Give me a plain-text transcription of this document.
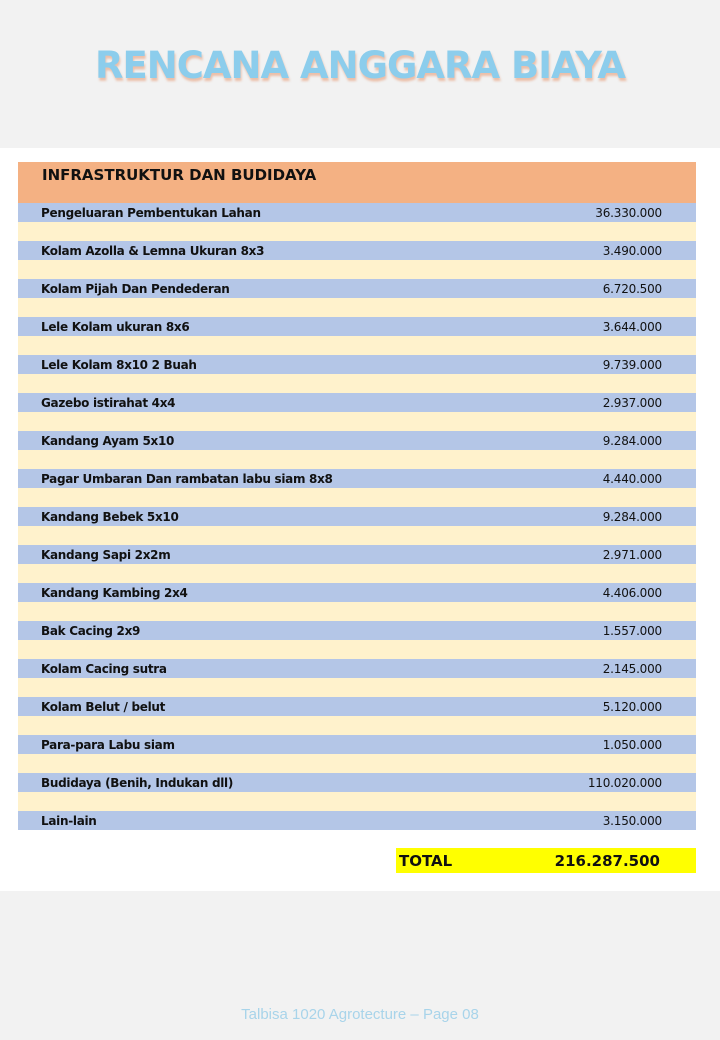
RENCANA ANGGARA BIAYA
INFRASTRUKTUR DAN BUDIDAYA
Pengeluaran Pembentukan Lahan	36.330.000
Kolam Azolla & Lemna Ukuran 8x3	3.490.000
Kolam Pijah Dan Pendederan	6.720.500
Lele Kolam ukuran 8x6	3.644.000
Lele Kolam 8x10 2 Buah	9.739.000
Gazebo istirahat 4x4	2.937.000
Kandang Ayam 5x10	9.284.000
Pagar Umbaran Dan rambatan labu siam 8x8	4.440.000
Kandang Bebek 5x10	9.284.000
Kandang Sapi 2x2m	2.971.000
Kandang Kambing 2x4	4.406.000
Bak Cacing 2x9	1.557.000
Kolam Cacing sutra	2.145.000
Kolam Belut / belut	5.120.000
Para-para Labu siam	1.050.000
Budidaya (Benih, Indukan dll)	110.020.000
Lain-lain	3.150.000
TOTAL	216.287.500
Talbisa 1020 Agrotecture – Page 08
